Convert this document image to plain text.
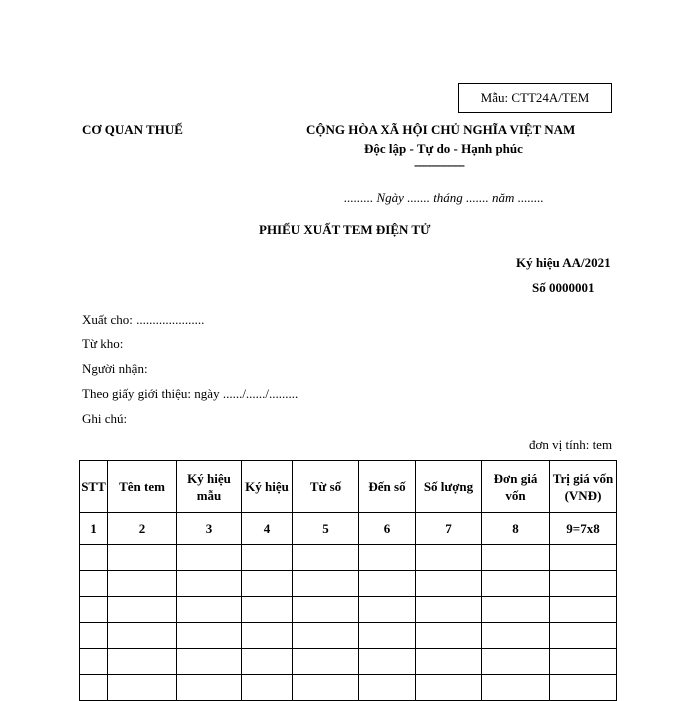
Mẫu: CTT24A/TEM
CƠ QUAN THUẾ	CỘNG HÒA XÃ HỘI CHỦ NGHĨA VIỆT NAM
Độc lập - Tự do - Hạnh phúc
---------------
......... Ngày ....... tháng ....... năm ........
PHIẾU XUẤT TEM ĐIỆN TỬ
Ký hiệu AA/2021
Số 0000001
Xuất cho: .....................
Từ kho:
Người nhận:
Theo giấy giới thiệu: ngày ....../....../.........
Ghi chú:
đơn vị tính: tem
STT	Tên tem	Ký hiệu mẫu	Ký hiệu	Từ số	Đến số	Số lượng	Đơn giá vốn	Trị giá vốn (VNĐ)
1	2	3	4	5	6	7	8	9=7x8
